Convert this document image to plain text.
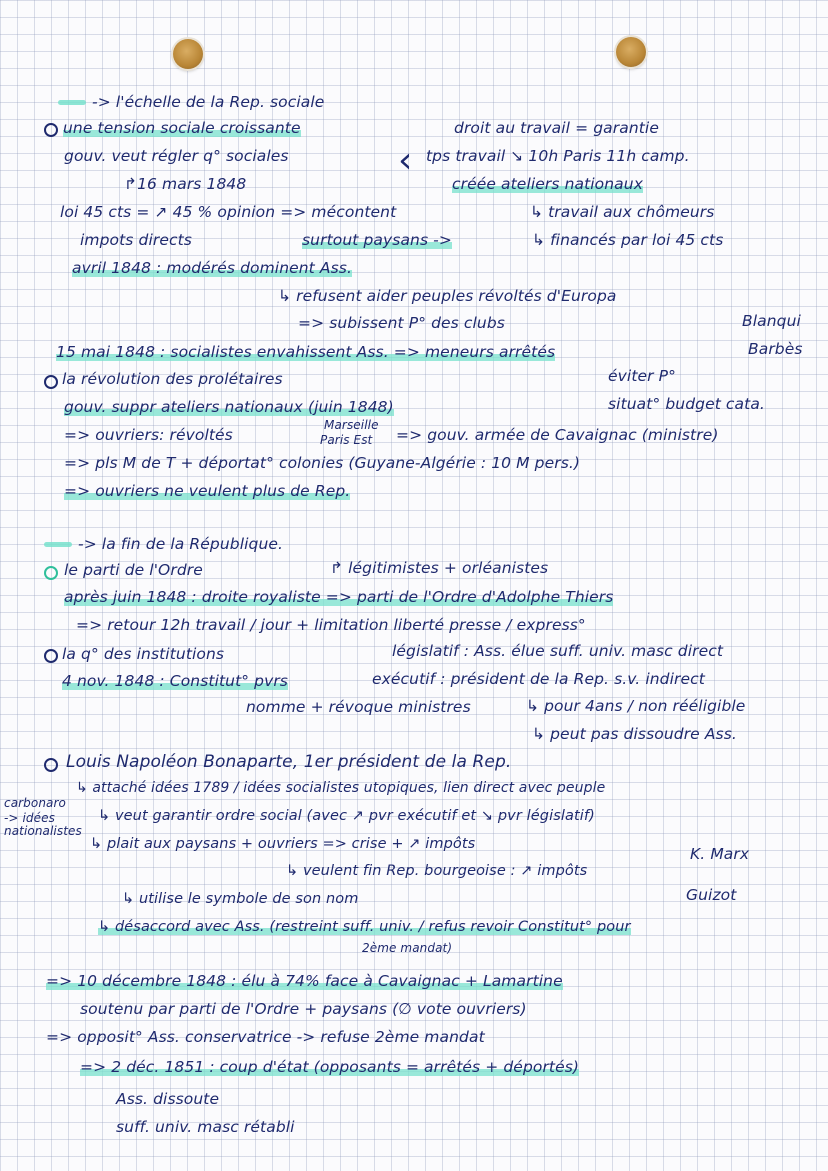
-> l'échelle de la Rep. sociale
une tension sociale croissante	droit au travail = garantie
gouv. veut régler q° sociales	‹ tps travail ↘ 10h Paris 11h camp.
↱16 mars 1848	créée ateliers nationaux
loi 45 cts = ↗ 45 % opinion => mécontent	↳ travail aux chômeurs
impots directs	surtout paysans ->	↳ financés par loi 45 cts
avril 1848 : modérés dominent Ass.
↳ refusent aider peuples révoltés d'Europa
=> subissent P° des clubs	Blanqui
15 mai 1848 : socialistes envahissent Ass. => meneurs arrêtés	Barbès
la révolution des prolétaires	éviter P°
gouv. suppr ateliers nationaux (juin 1848)	situat° budget cata.
=> ouvriers: révoltés
Marseille
Paris Est => gouv. armée de Cavaignac (ministre)
=> pls M de T + déportat° colonies (Guyane-Algérie : 10 M pers.)
=> ouvriers ne veulent plus de Rep.
-> la fin de la République.
le parti de l'Ordre	↱ légitimistes + orléanistes
après juin 1848 : droite royaliste => parti de l'Ordre d'Adolphe Thiers
=> retour 12h travail / jour + limitation liberté presse / express°
la q° des institutions	législatif : Ass. élue suff. univ. masc direct
4 nov. 1848 : Constitut° pvrs	exécutif : président de la Rep. s.v. indirect
nomme + révoque ministres	↳ pour 4ans / non rééligible
↳ peut pas dissoudre Ass.
Louis Napoléon Bonaparte, 1er président de la Rep.
↳ attaché idées 1789 / idées socialistes utopiques, lien direct avec peuple
carbonaro
-> idées
nationalistes
↳ veut garantir ordre social (avec ↗ pvr exécutif et ↘ pvr législatif)
↳ plait aux paysans + ouvriers => crise + ↗ impôts
K. Marx
↳ veulent fin Rep. bourgeoise : ↗ impôts
↳ utilise le symbole de son nom	Guizot
↳ désaccord avec Ass. (restreint suff. univ. / refus revoir Constitut° pour
2ème mandat)
=> 10 décembre 1848 : élu à 74% face à Cavaignac + Lamartine
soutenu par parti de l'Ordre + paysans (∅ vote ouvriers)
=> opposit° Ass. conservatrice -> refuse 2ème mandat
=> 2 déc. 1851 : coup d'état (opposants = arrêtés + déportés)
Ass. dissoute
suff. univ. masc rétabli
